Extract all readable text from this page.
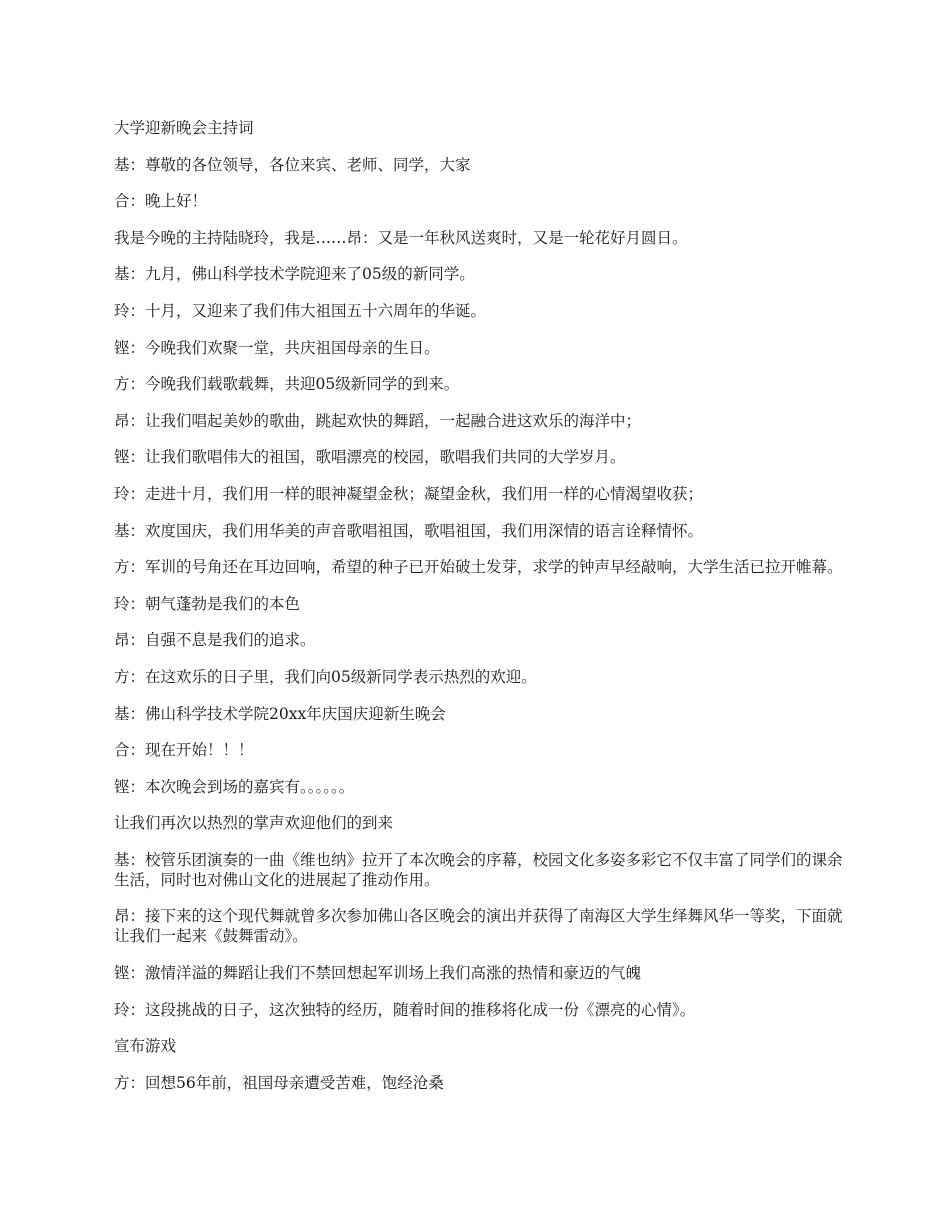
大学迎新晚会主持词

基：尊敬的各位领导，各位来宾、老师、同学，大家

合：晚上好！

我是今晚的主持陆晓玲，我是……昂：又是一年秋风送爽时，又是一轮花好月圆日。

基：九月，佛山科学技术学院迎来了05级的新同学。

玲：十月，又迎来了我们伟大祖国五十六周年的华诞。

铿：今晚我们欢聚一堂，共庆祖国母亲的生日。

方：今晚我们载歌载舞，共迎05级新同学的到来。

昂：让我们唱起美妙的歌曲，跳起欢快的舞蹈，一起融合进这欢乐的海洋中；

铿：让我们歌唱伟大的祖国，歌唱漂亮的校园，歌唱我们共同的大学岁月。

玲：走进十月，我们用一样的眼神凝望金秋；凝望金秋，我们用一样的心情渴望收获；

基：欢度国庆，我们用华美的声音歌唱祖国，歌唱祖国，我们用深情的语言诠释情怀。

方：军训的号角还在耳边回响，希望的种子已开始破土发芽，求学的钟声早经敲响，大学生活已拉开帷幕。

玲：朝气蓬勃是我们的本色

昂：自强不息是我们的追求。

方：在这欢乐的日子里，我们向05级新同学表示热烈的欢迎。

基：佛山科学技术学院20xx年庆国庆迎新生晚会

合：现在开始！！！

铿：本次晚会到场的嘉宾有。。。。。。

让我们再次以热烈的掌声欢迎他们的到来

基：校管乐团演奏的一曲《维也纳》拉开了本次晚会的序幕，校园文化多姿多彩它不仅丰富了同学们的课余生活，同时也对佛山文化的进展起了推动作用。

昂：接下来的这个现代舞就曾多次参加佛山各区晚会的演出并获得了南海区大学生绎舞风华一等奖，下面就让我们一起来《鼓舞雷动》。

铿：激情洋溢的舞蹈让我们不禁回想起军训场上我们高涨的热情和豪迈的气魄

玲：这段挑战的日子，这次独特的经历，随着时间的推移将化成一份《漂亮的心情》。

宣布游戏

方：回想56年前，祖国母亲遭受苦难，饱经沧桑
